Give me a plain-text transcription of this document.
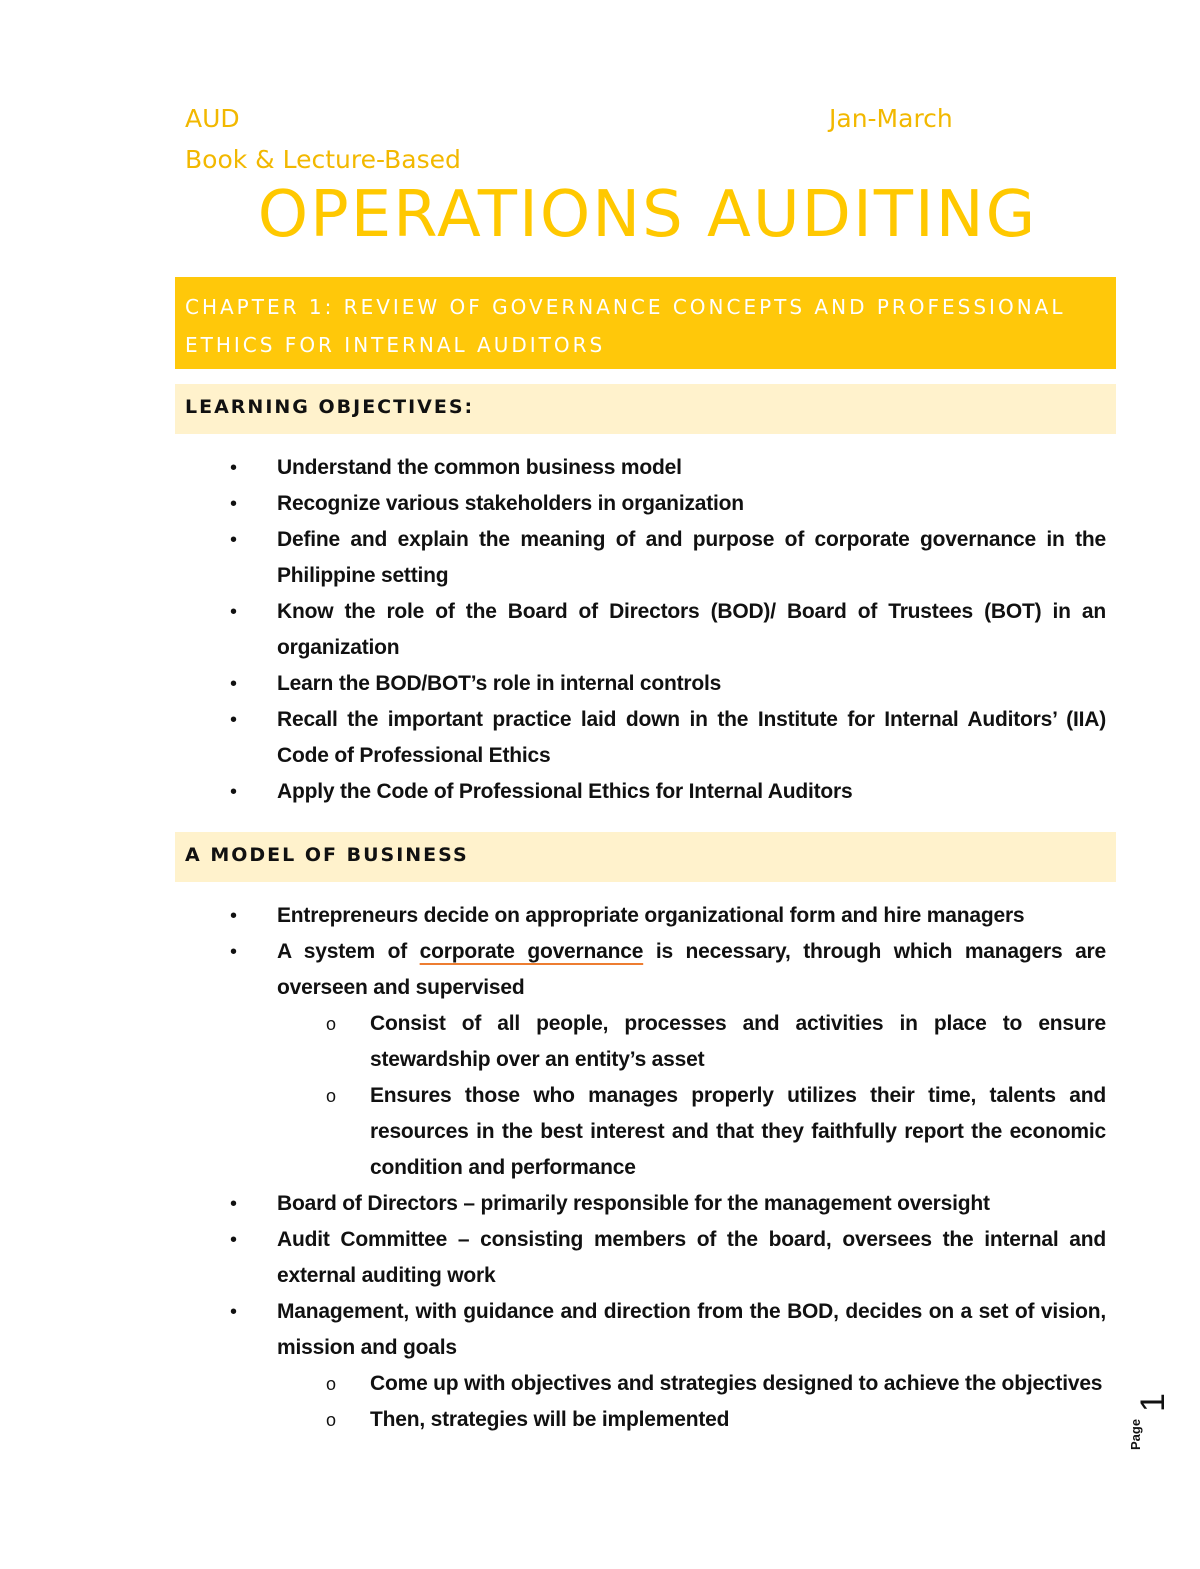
AUD	Jan-March
Book & Lecture-Based
OPERATIONS AUDITING

CHAPTER 1: REVIEW OF GOVERNANCE CONCEPTS AND PROFESSIONAL

ETHICS FOR INTERNAL AUDITORS

LEARNING OBJECTIVES:
• Understand the common business model
• Recognize various stakeholders in organization
• Define and explain the meaning of and purpose of corporate governance in the Philippine setting
• Know the role of the Board of Directors (BOD)/ Board of Trustees (BOT) in an organization
• Learn the BOD/BOT’s role in internal controls
• Recall the important practice laid down in the Institute for Internal Auditors’ (IIA) Code of Professional Ethics
• Apply the Code of Professional Ethics for Internal Auditors
A MODEL OF BUSINESS
• Entrepreneurs decide on appropriate organizational form and hire managers
• A system of corporate governance is necessary, through which managers are overseen and supervised
o Consist of all people, processes and activities in place to ensure stewardship over an entity’s asset
o Ensures those who manages properly utilizes their time, talents and resources in the best interest and that they faithfully report the economic condition and performance
• Board of Directors – primarily responsible for the management oversight
• Audit Committee – consisting members of the board, oversees the internal and external auditing work
• Management, with guidance and direction from the BOD, decides on a set of vision, mission and goals
o Come up with objectives and strategies designed to achieve the objectives
o Then, strategies will be implemented	Page
1
